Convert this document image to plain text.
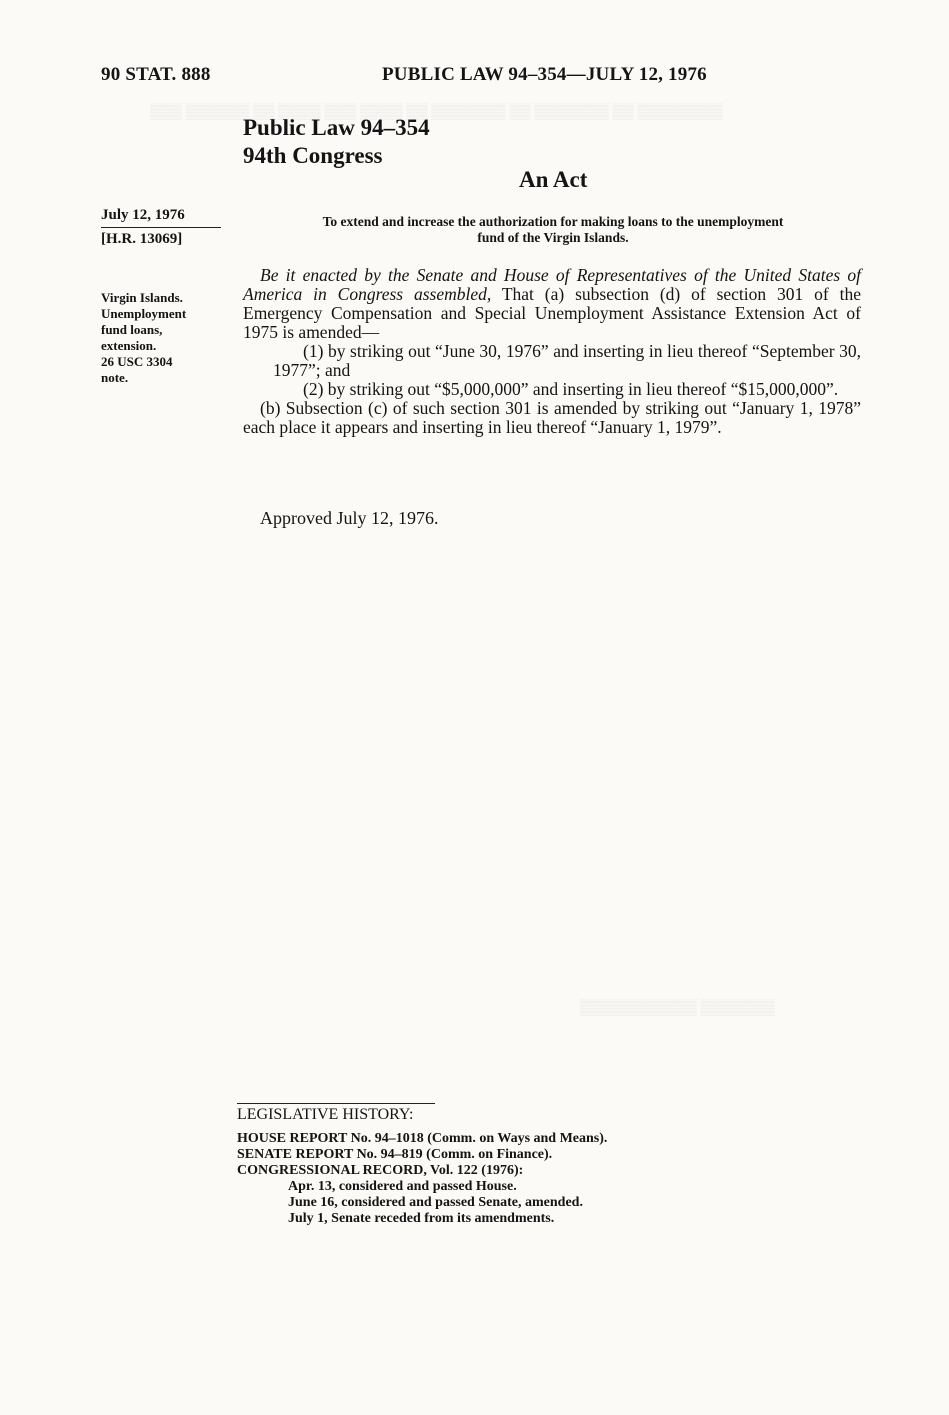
90 STAT. 888	PUBLIC LAW 94–354—JULY 12, 1976
Public Law 94–354
94th Congress
An Act
July 12, 1976
[H.R. 13069]
Virgin Islands.
Unemployment
fund loans,
extension.
26 USC 3304
note.
To extend and increase the authorization for making loans to the unemployment
fund of the Virgin Islands.

Be it enacted by the Senate and House of Representatives of the United States of America in Congress assembled, That (a) subsection (d) of section 301 of the Emergency Compensation and Special Unemployment Assistance Extension Act of 1975 is amended—

(1) by striking out “June 30, 1976” and inserting in lieu thereof “September 30, 1977”; and

(2) by striking out “$5,000,000” and inserting in lieu thereof “$15,000,000”.

(b) Subsection (c) of such section 301 is amended by striking out “January 1, 1978” each place it appears and inserting in lieu thereof “January 1, 1979”.

Approved July 12, 1976.
▒▒▒ ▒▒▒▒▒▒ ▒▒ ▒▒▒▒ ▒▒▒ ▒▒▒▒ ▒▒ ▒▒▒▒▒▒▒ ▒▒ ▒▒▒▒▒▒▒ ▒▒ ▒▒▒▒▒▒▒▒
▒▒▒▒▒▒▒▒▒▒▒ ▒▒▒▒▒▒▒
LEGISLATIVE HISTORY:
HOUSE REPORT No. 94–1018 (Comm. on Ways and Means).
SENATE REPORT No. 94–819 (Comm. on Finance).
CONGRESSIONAL RECORD, Vol. 122 (1976):
Apr. 13, considered and passed House.
June 16, considered and passed Senate, amended.
July 1, Senate receded from its amendments.
